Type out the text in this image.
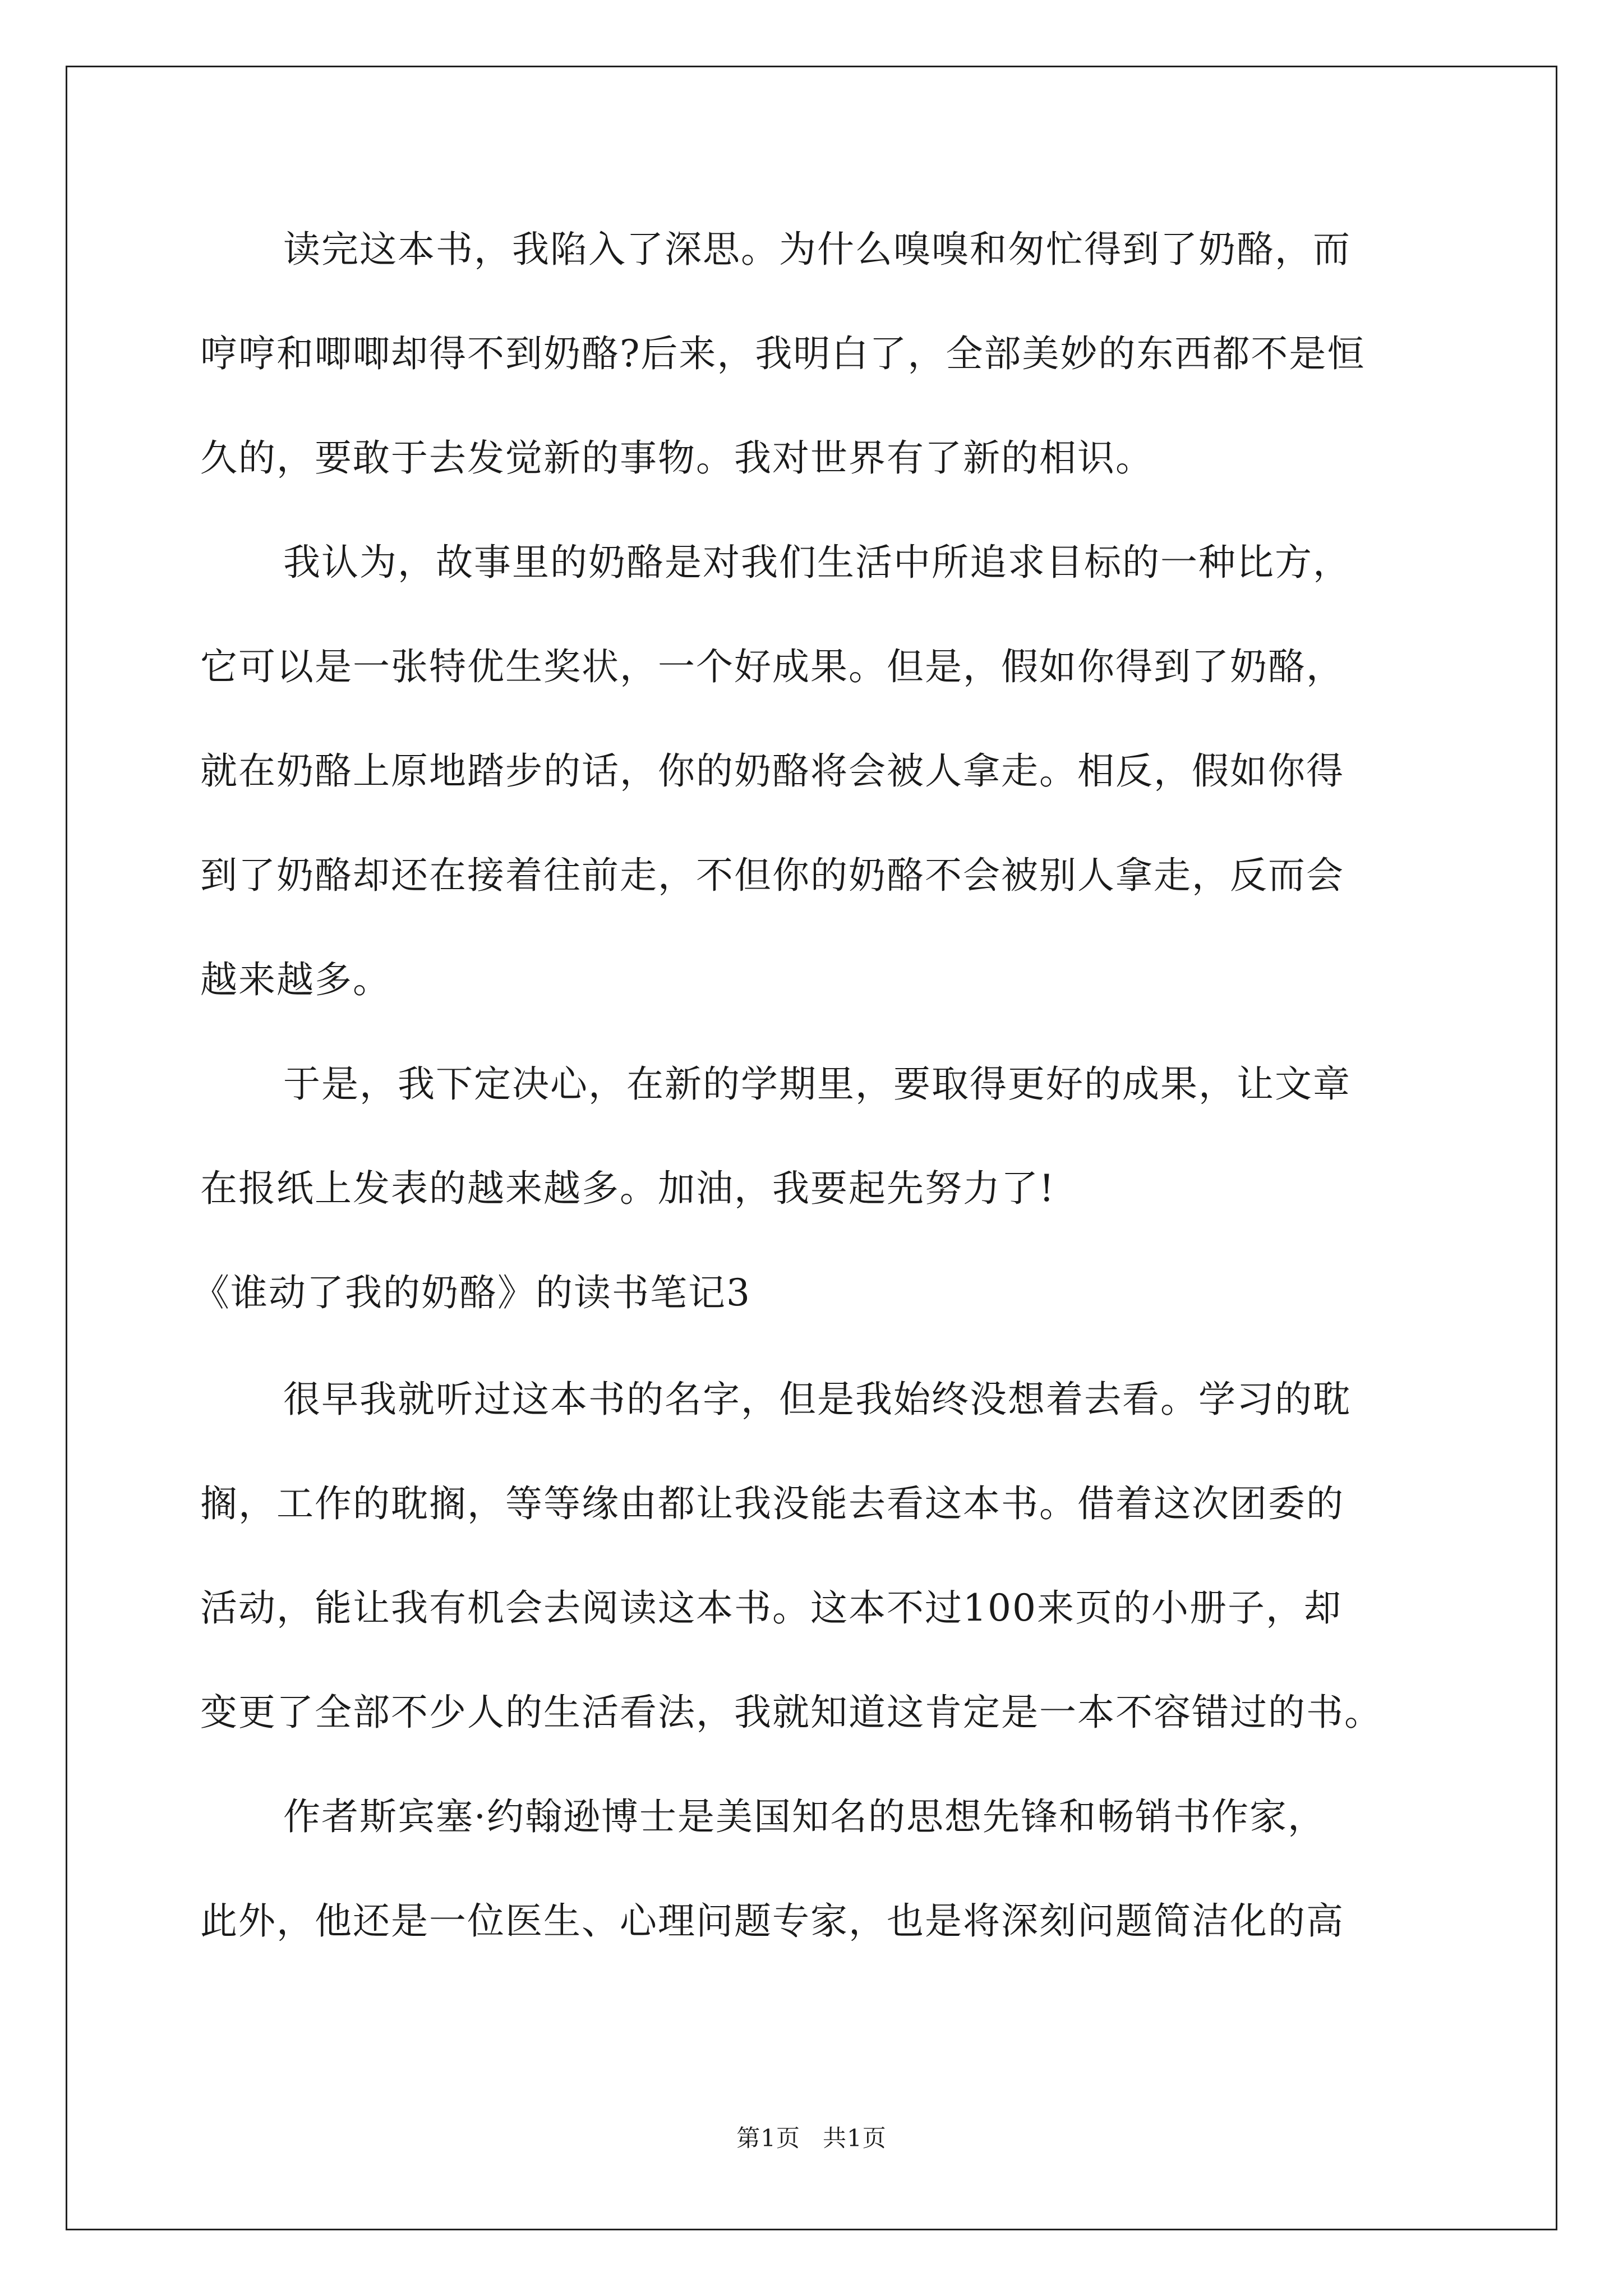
读完这本书，我陷入了深思。为什么嗅嗅和匆忙得到了奶酪，而
哼哼和唧唧却得不到奶酪?后来，我明白了，全部美妙的东西都不是恒
久的，要敢于去发觉新的事物。我对世界有了新的相识。
我认为，故事里的奶酪是对我们生活中所追求目标的一种比方，
它可以是一张特优生奖状，一个好成果。但是，假如你得到了奶酪，
就在奶酪上原地踏步的话，你的奶酪将会被人拿走。相反，假如你得
到了奶酪却还在接着往前走，不但你的奶酪不会被别人拿走，反而会
越来越多。
于是，我下定决心，在新的学期里，要取得更好的成果，让文章
在报纸上发表的越来越多。加油，我要起先努力了!
《谁动了我的奶酪》的读书笔记3
很早我就听过这本书的名字，但是我始终没想着去看。学习的耽
搁，工作的耽搁，等等缘由都让我没能去看这本书。借着这次团委的
活动，能让我有机会去阅读这本书。这本不过100来页的小册子，却
变更了全部不少人的生活看法，我就知道这肯定是一本不容错过的书。
作者斯宾塞·约翰逊博士是美国知名的思想先锋和畅销书作家，
此外，他还是一位医生、心理问题专家，也是将深刻问题简洁化的高
第1页 共1页
